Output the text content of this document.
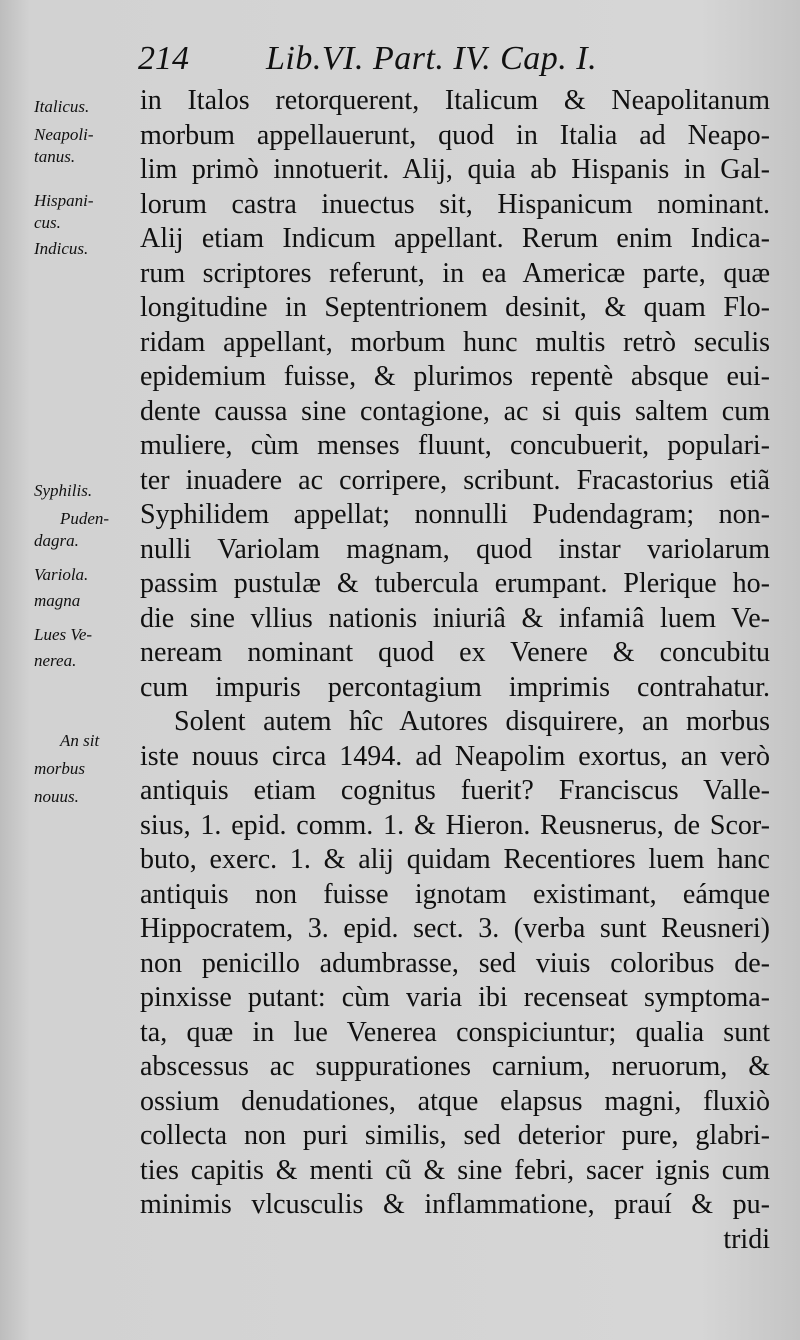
214 Lib.VI. Part. IV. Cap. I.
Italicus.
Neapoli-
tanus.
Hispani-
cus.
Indicus.
Syphilis.
Puden-
dagra.
Variola.
magna
Lues Ve-
nerea.
An sit
morbus
nouus.
in Italos retorquerent, Italicum & Neapolitanum
morbum appellauerunt, quod in Italia ad Neapo-
lim primò innotuerit. Alij, quia ab Hispanis in Gal-
lorum castra inuectus sit, Hispanicum nominant.
Alij etiam Indicum appellant. Rerum enim Indica-
rum scriptores referunt, in ea Americæ parte, quæ
longitudine in Septentrionem desinit, & quam Flo-
ridam appellant, morbum hunc multis retrò seculis
epidemium fuisse, & plurimos repentè absque eui-
dente caussa sine contagione, ac si quis saltem cum
muliere, cùm menses fluunt, concubuerit, populari-
ter inuadere ac corripere, scribunt. Fracastorius etiã
Syphilidem appellat; nonnulli Pudendagram; non-
nulli Variolam magnam, quod instar variolarum
passim pustulæ & tubercula erumpant. Plerique ho-
die sine vllius nationis iniuriâ & infamiâ luem Ve-
neream nominant quod ex Venere & concubitu
cum impuris percontagium imprimis contrahatur.
Solent autem hîc Autores disquirere, an morbus
iste nouus circa 1494. ad Neapolim exortus, an verò
antiquis etiam cognitus fuerit? Franciscus Valle-
sius, 1. epid. comm. 1. & Hieron. Reusnerus, de Scor-
buto, exerc. 1. & alij quidam Recentiores luem hanc
antiquis non fuisse ignotam existimant, eámque
Hippocratem, 3. epid. sect. 3. (verba sunt Reusneri)
non penicillo adumbrasse, sed viuis coloribus de-
pinxisse putant: cùm varia ibi recenseat symptoma-
ta, quæ in lue Venerea conspiciuntur; qualia sunt
abscessus ac suppurationes carnium, neruorum, &
ossium denudationes, atque elapsus magni, fluxiò
collecta non puri similis, sed deterior pure, glabri-
ties capitis & menti cũ & sine febri, sacer ignis cum
minimis vlcusculis & inflammatione, prauí & pu-
tridi
